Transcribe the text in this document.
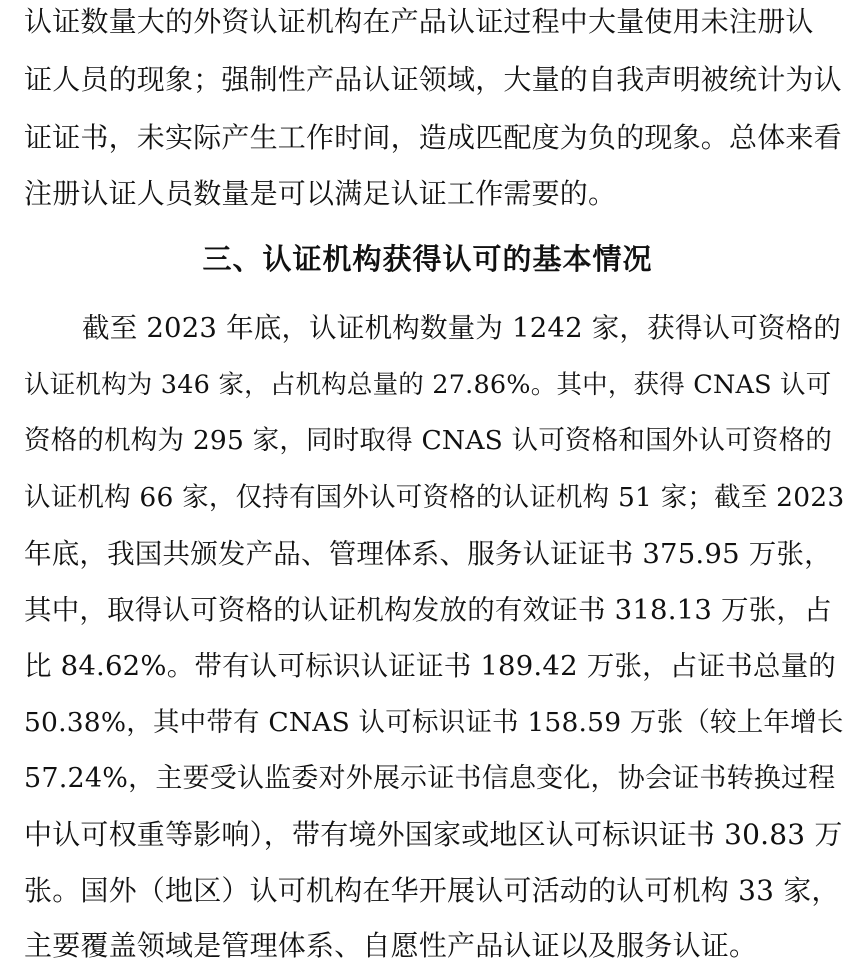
认证数量大的外资认证机构在产品认证过程中大量使用未注册认
证人员的现象；强制性产品认证领域，大量的自我声明被统计为认
证证书，未实际产生工作时间，造成匹配度为负的现象。总体来看
注册认证人员数量是可以满足认证工作需要的。
三、认证机构获得认可的基本情况
截至 2023 年底，认证机构数量为 1242 家，获得认可资格的
认证机构为 346 家，占机构总量的 27.86%。其中，获得 CNAS 认可
资格的机构为 295 家，同时取得 CNAS 认可资格和国外认可资格的
认证机构 66 家，仅持有国外认可资格的认证机构 51 家；截至 2023
年底，我国共颁发产品、管理体系、服务认证证书 375.95 万张，
其中，取得认可资格的认证机构发放的有效证书 318.13 万张，占
比 84.62%。带有认可标识认证证书 189.42 万张，占证书总量的
50.38%，其中带有 CNAS 认可标识证书 158.59 万张（较上年增长
57.24%，主要受认监委对外展示证书信息变化，协会证书转换过程
中认可权重等影响），带有境外国家或地区认可标识证书 30.83 万
张。国外（地区）认可机构在华开展认可活动的认可机构 33 家，
主要覆盖领域是管理体系、自愿性产品认证以及服务认证。
